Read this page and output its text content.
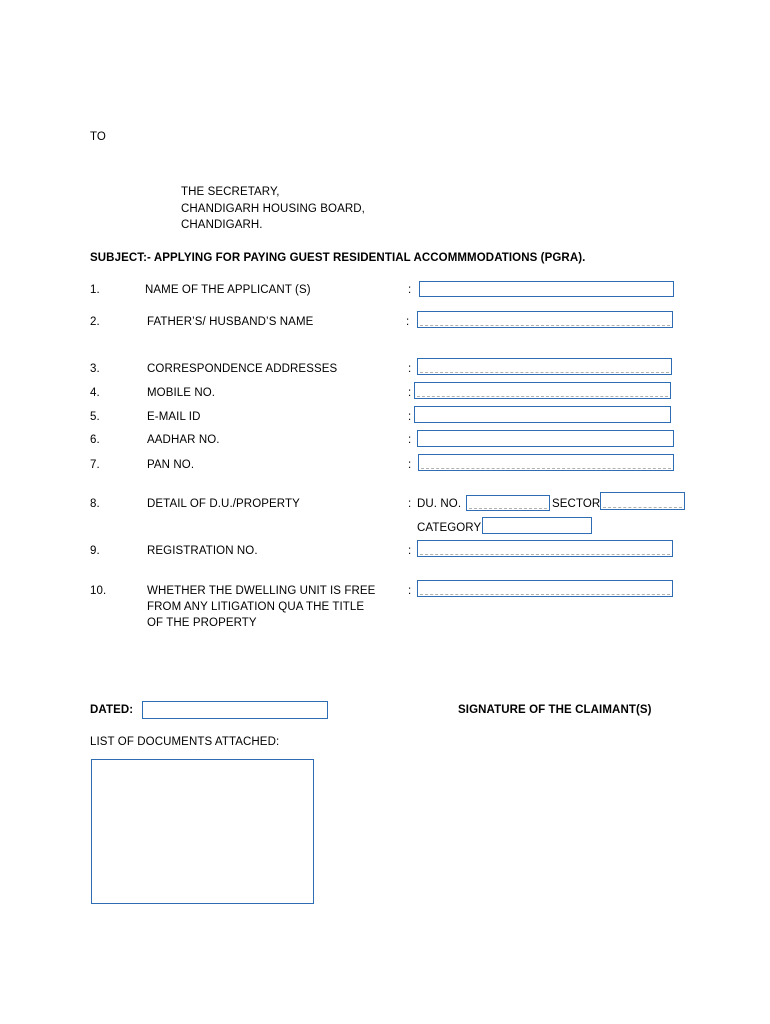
TO
THE SECRETARY,
CHANDIGARH HOUSING BOARD,
CHANDIGARH.
SUBJECT:- APPLYING FOR PAYING GUEST RESIDENTIAL ACCOMMMODATIONS (PGRA).
1.	NAME OF THE APPLICANT (S)	:
2.	FATHER’S/ HUSBAND’S NAME	:
3.	CORRESPONDENCE ADDRESSES	:
4.	MOBILE NO.	:
5.	E-MAIL ID	:
6.	AADHAR NO.	:
7.	PAN NO.	:
8.	DETAIL OF D.U./PROPERTY	: DU. NO.	SECTOR
CATEGORY
9.	REGISTRATION NO.	:
10.	WHETHER THE DWELLING UNIT IS FREE
FROM ANY LITIGATION QUA THE TITLE
OF THE PROPERTY
:
DATED:	SIGNATURE OF THE CLAIMANT(S)
LIST OF DOCUMENTS ATTACHED:
